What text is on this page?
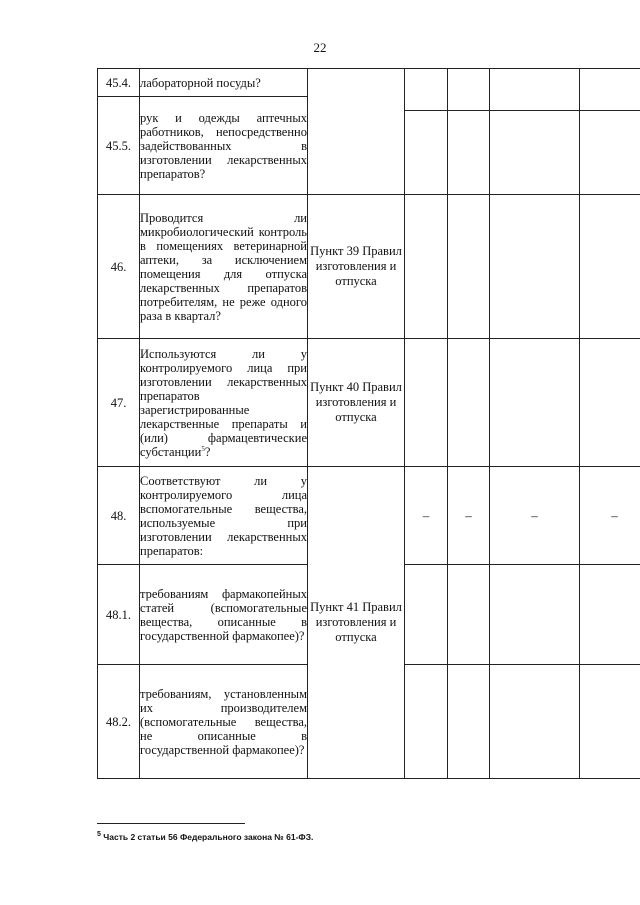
22
45.4.	лабораторной посуды?		

45.5.	рук и одежды аптечных работников, непосредственно задействованных в изготовлении лекарственных препаратов?					
46.	Проводится ли микробиологический контроль в помещениях ветеринарной аптеки, за исключением помещения для отпуска лекарственных препаратов потребителям, не реже одного раза в квартал?	Пункт 39 Правил изготовления и отпуска				
47.	Используются ли у контролируемого лица при изготовлении лекарственных препаратов зарегистрированные лекарственные препараты и (или) фармацевтические субстанции$^5$?	Пункт 40 Правил изготовления и отпуска				
48.	Соответствуют ли у контролируемого лица вспомогательные вещества, используемые при изготовлении лекарственных препаратов:	Пункт 41 Правил изготовления и отпуска	–	–	–	–
48.1.	требованиям фармакопейных статей (вспомогательные вещества, описанные в государственной фармакопее)?					
48.2.	требованиям, установленным их производителем (вспомогательные вещества, не описанные в государственной фармакопее)?					
$^5$ Часть 2 статьи 56 Федерального закона № 61-ФЗ.
